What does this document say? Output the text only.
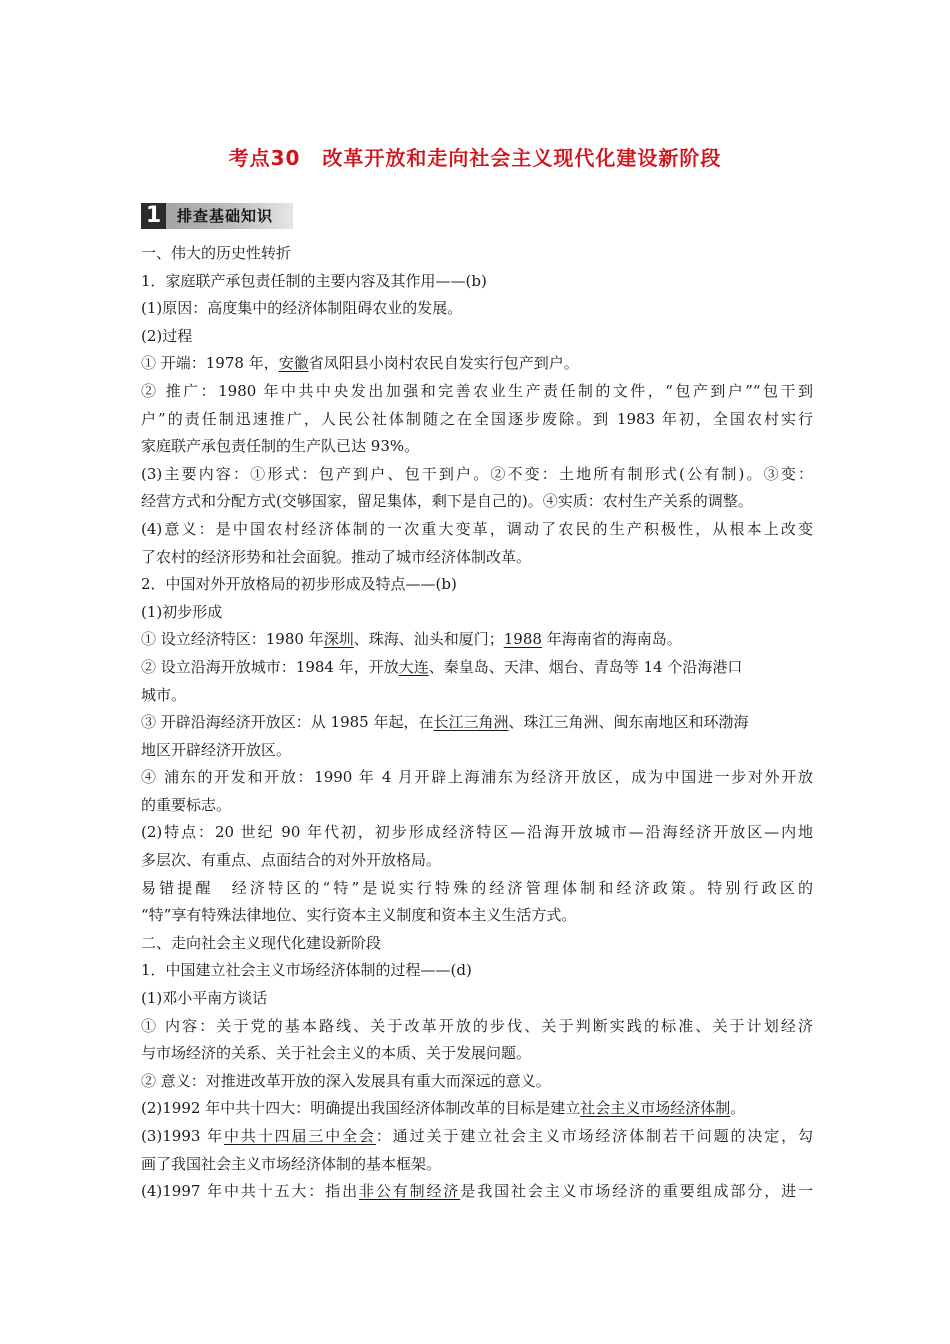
考点30 改革开放和走向社会主义现代化建设新阶段
1	排查基础知识
一、伟大的历史性转折
1．家庭联产承包责任制的主要内容及其作用——(b)
(1)原因：高度集中的经济体制阻碍农业的发展。
(2)过程
① 开端：1978 年，安徽省凤阳县小岗村农民自发实行包产到户。
② 推广：1980 年中共中央发出加强和完善农业生产责任制的文件，“包产到户”“包干到
户”的责任制迅速推广，人民公社体制随之在全国逐步废除。到 1983 年初，全国农村实行
家庭联产承包责任制的生产队已达 93%。
(3)主要内容：①形式：包产到户、包干到户。②不变：土地所有制形式(公有制)。③变：
经营方式和分配方式(交够国家，留足集体，剩下是自己的)。④实质：农村生产关系的调整。
(4)意义：是中国农村经济体制的一次重大变革，调动了农民的生产积极性，从根本上改变
了农村的经济形势和社会面貌。推动了城市经济体制改革。
2．中国对外开放格局的初步形成及特点——(b)
(1)初步形成
① 设立经济特区：1980 年深圳、珠海、汕头和厦门；1988 年海南省的海南岛。
② 设立沿海开放城市：1984 年，开放大连、秦皇岛、天津、烟台、青岛等 14 个沿海港口
城市。
③ 开辟沿海经济开放区：从 1985 年起，在长江三角洲、珠江三角洲、闽东南地区和环渤海
地区开辟经济开放区。
④ 浦东的开发和开放：1990 年 4 月开辟上海浦东为经济开放区，成为中国进一步对外开放
的重要标志。
(2)特点：20 世纪 90 年代初，初步形成经济特区—沿海开放城市—沿海经济开放区—内地
多层次、有重点、点面结合的对外开放格局。
易错提醒　经济特区的“特”是说实行特殊的经济管理体制和经济政策。特别行政区的
“特”享有特殊法律地位、实行资本主义制度和资本主义生活方式。
二、走向社会主义现代化建设新阶段
1．中国建立社会主义市场经济体制的过程——(d)
(1)邓小平南方谈话
① 内容：关于党的基本路线、关于改革开放的步伐、关于判断实践的标准、关于计划经济
与市场经济的关系、关于社会主义的本质、关于发展问题。
② 意义：对推进改革开放的深入发展具有重大而深远的意义。
(2)1992 年中共十四大：明确提出我国经济体制改革的目标是建立社会主义市场经济体制。
(3)1993 年中共十四届三中全会：通过关于建立社会主义市场经济体制若干问题的决定，勾
画了我国社会主义市场经济体制的基本框架。
(4)1997 年中共十五大：指出非公有制经济是我国社会主义市场经济的重要组成部分，进一
